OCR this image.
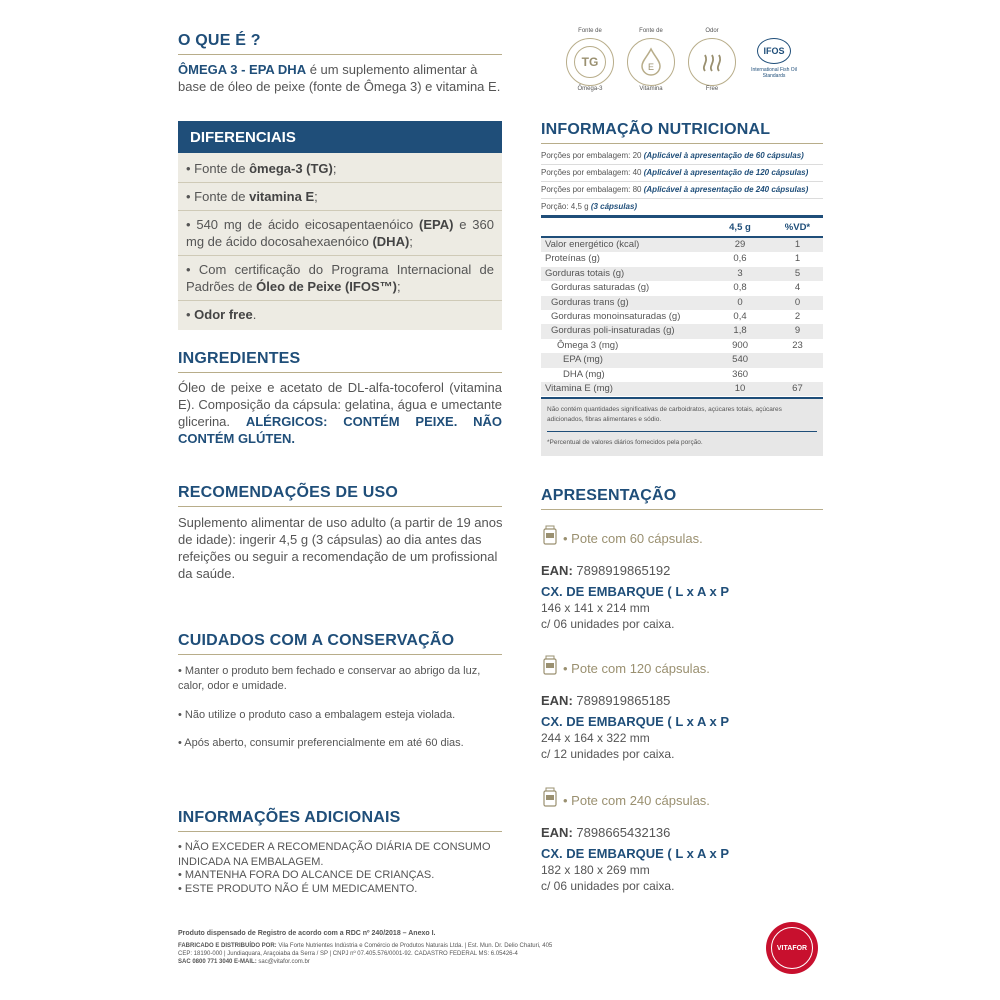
O QUE É ?
ÔMEGA 3 - EPA DHA é um suplemento alimentar à
base de óleo de peixe (fonte de Ômega 3) e vitamina E.
DIFERENCIAIS
• Fonte de ômega-3 (TG);
• Fonte de vitamina E;
• 540 mg de ácido eicosapentaenóico (EPA) e 360 mg de ácido docosahexaenóico (DHA);
• Com certificação do Programa Internacional de Padrões de Óleo de Peixe (IFOS™);
• Odor free.
INGREDIENTES
Óleo de peixe e acetato de DL-alfa-tocoferol (vitamina E). Composição da cápsula: gelatina, água e umectante glicerina. ALÉRGICOS: CONTÉM PEIXE. NÃO CONTÉM GLÚTEN.
RECOMENDAÇÕES DE USO
Suplemento alimentar de uso adulto (a partir de 19 anos de idade): ingerir 4,5 g (3 cápsulas) ao dia antes das refeições ou seguir a recomendação de um profissional da saúde.
CUIDADOS COM A CONSERVAÇÃO
• Manter o produto bem fechado e conservar ao abrigo da luz, calor, odor e umidade.
• Não utilize o produto caso a embalagem esteja violada.
• Após aberto, consumir preferencialmente em até 60 dias.
INFORMAÇÕES ADICIONAIS
• NÃO EXCEDER A RECOMENDAÇÃO DIÁRIA DE CONSUMO INDICADA NA EMBALAGEM.
• MANTENHA FORA DO ALCANCE DE CRIANÇAS.
• ESTE PRODUTO NÃO É UM MEDICAMENTO.
Produto dispensado de Registro de acordo com a RDC nº 240/2018 – Anexo I.
FABRICADO E DISTRIBUÍDO POR: Vila Forte Nutrientes Indústria e Comércio de Produtos Naturais Ltda. | Est. Mun. Dr. Delio Chaturi, 405
CEP: 18190-000 | Jundiaquara, Araçoiaba da Serra / SP | CNPJ nº 07.405.576/0001-92. CADASTRO FEDERAL MS: 6.05426-4
SAC 0800 771 3040 E-MAIL: sac@vitafor.com.br
VITAFOR
Fonte de
TG
Ômega-3
Fonte de
E
Vitamina
Odor
Free
IFOS
International Fish Oil Standards
INFORMAÇÃO NUTRICIONAL
Porções por embalagem: 20 (Aplicável à apresentação de 60 cápsulas)
Porções por embalagem: 40 (Aplicável à apresentação de 120 cápsulas)
Porções por embalagem: 80 (Aplicável à apresentação de 240 cápsulas)
Porção: 4,5 g (3 cápsulas)
4,5 g	%VD*
Valor energético (kcal)	29	1
Proteínas (g)	0,6	1
Gorduras totais (g)	3	5
Gorduras saturadas (g)	0,8	4
Gorduras trans (g)	0	0
Gorduras monoinsaturadas (g)	0,4	2
Gorduras poli-insaturadas (g)	1,8	9
Ômega 3 (mg)	900	23
EPA (mg)	540
DHA (mg)	360
Vitamina E (mg)	10	67
Não contém quantidades significativas de carboidratos, açúcares totais, açúcares adicionados, fibras alimentares e sódio.
*Percentual de valores diários fornecidos pela porção.
APRESENTAÇÃO
• Pote com 60 cápsulas.
EAN: 7898919865192
CX. DE EMBARQUE ( L x A x P
146 x 141 x 214 mm
c/ 06 unidades por caixa.
• Pote com 120 cápsulas.
EAN: 7898919865185
CX. DE EMBARQUE ( L x A x P
244 x 164 x 322 mm
c/ 12 unidades por caixa.
• Pote com 240 cápsulas.
EAN: 7898665432136
CX. DE EMBARQUE ( L x A x P
182 x 180 x 269 mm
c/ 06 unidades por caixa.
